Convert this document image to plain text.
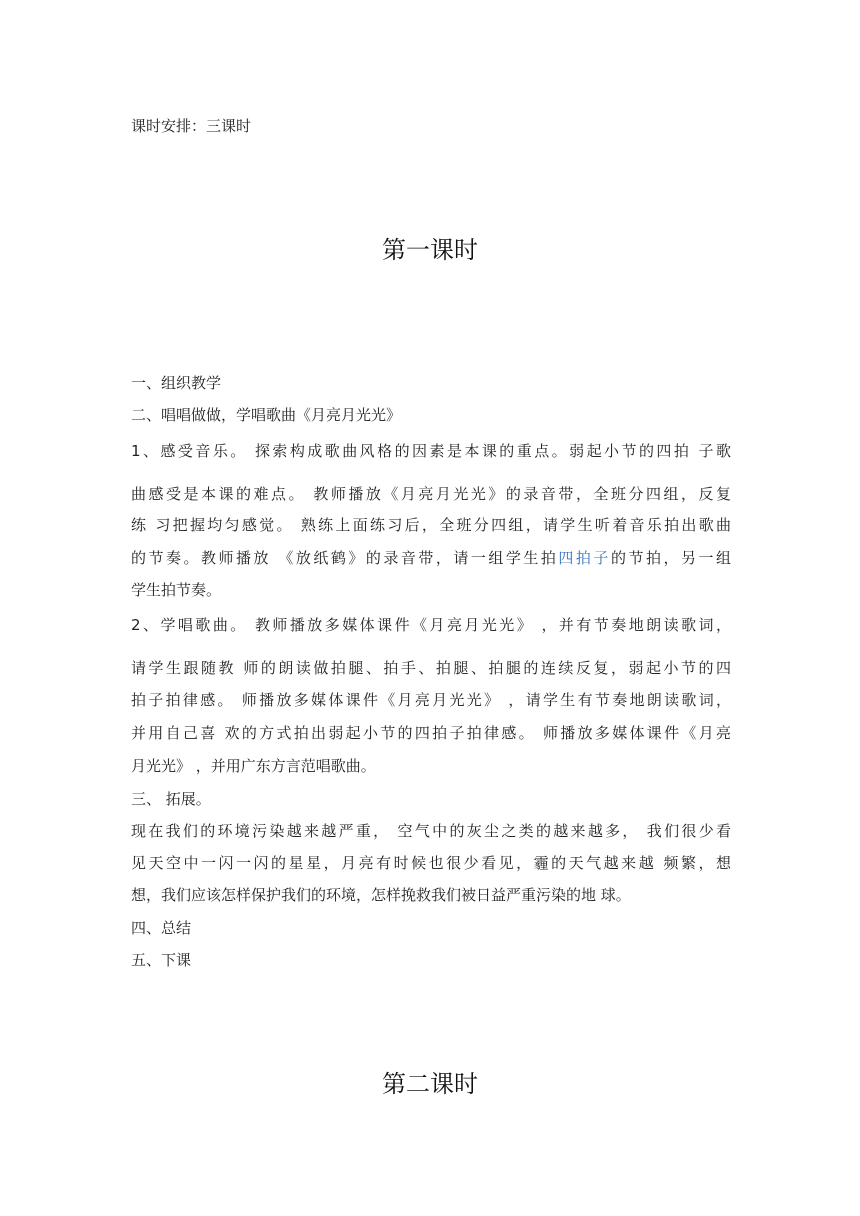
课时安排：三课时
第一课时
一、组织教学
二、唱唱做做，学唱歌曲《月亮月光光》
1、感受音乐。 探索构成歌曲风格的因素是本课的重点。弱起小节的四拍 子歌
曲感受是本课的难点。 教师播放《月亮月光光》的录音带，全班分四组，反复
练 习把握均匀感觉。 熟练上面练习后，全班分四组，请学生听着音乐拍出歌曲
的节奏。教师播放 《放纸鹤》的录音带，请一组学生拍四拍子的节拍，另一组
学生拍节奏。
2、学唱歌曲。 教师播放多媒体课件《月亮月光光》 ，并有节奏地朗读歌词，
请学生跟随教 师的朗读做拍腿、拍手、拍腿、拍腿的连续反复，弱起小节的四
拍子拍律感。 师播放多媒体课件《月亮月光光》 ，请学生有节奏地朗读歌词，
并用自己喜 欢的方式拍出弱起小节的四拍子拍律感。 师播放多媒体课件《月亮
月光光》 ，并用广东方言范唱歌曲。
三、 拓展。
现在我们的环境污染越来越严重， 空气中的灰尘之类的越来越多， 我们很少看
见天空中一闪一闪的星星，月亮有时候也很少看见，霾的天气越来越 频繁，想
想，我们应该怎样保护我们的环境，怎样挽救我们被日益严重污染的地 球。
四、总结
五、下课
第二课时
